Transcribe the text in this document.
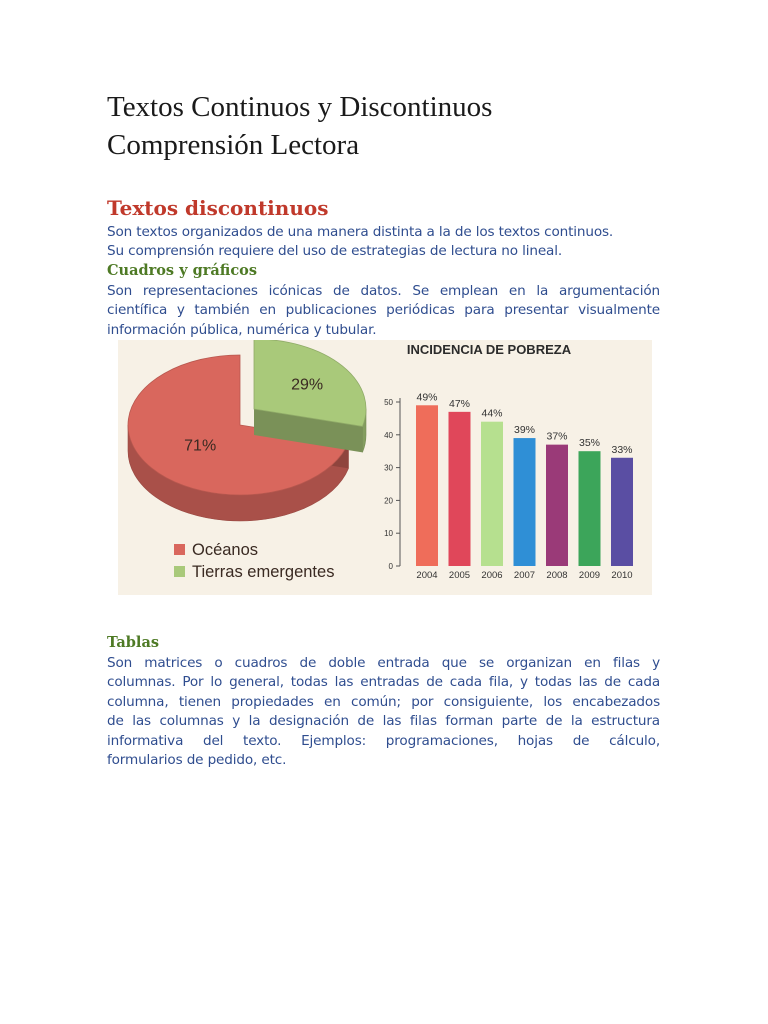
Textos Continuos y Discontinuos
Comprensión Lectora
Textos discontinuos
Son textos organizados de una manera distinta a la de los textos continuos.
Su comprensión requiere del uso de estrategias de lectura no lineal.
Cuadros y gráficos
Son representaciones icónicas de datos. Se emplean en la argumentación
científica y también en publicaciones periódicas para presentar visualmente
información pública, numérica y tubular.
71%
29%
Océanos
Tierras emergentes
INCIDENCIA DE POBREZA
0
10
20
30
40
50 49%
2004
47%
2005
44%
2006
39%
2007
37%
2008
35%
2009
33%
2010
Tablas
Son matrices o cuadros de doble entrada que se organizan en filas y
columnas. Por lo general, todas las entradas de cada fila, y todas las de cada
columna, tienen propiedades en común; por consiguiente, los encabezados
de las columnas y la designación de las filas forman parte de la estructura
informativa del texto. Ejemplos: programaciones, hojas de cálculo,
formularios de pedido, etc.
